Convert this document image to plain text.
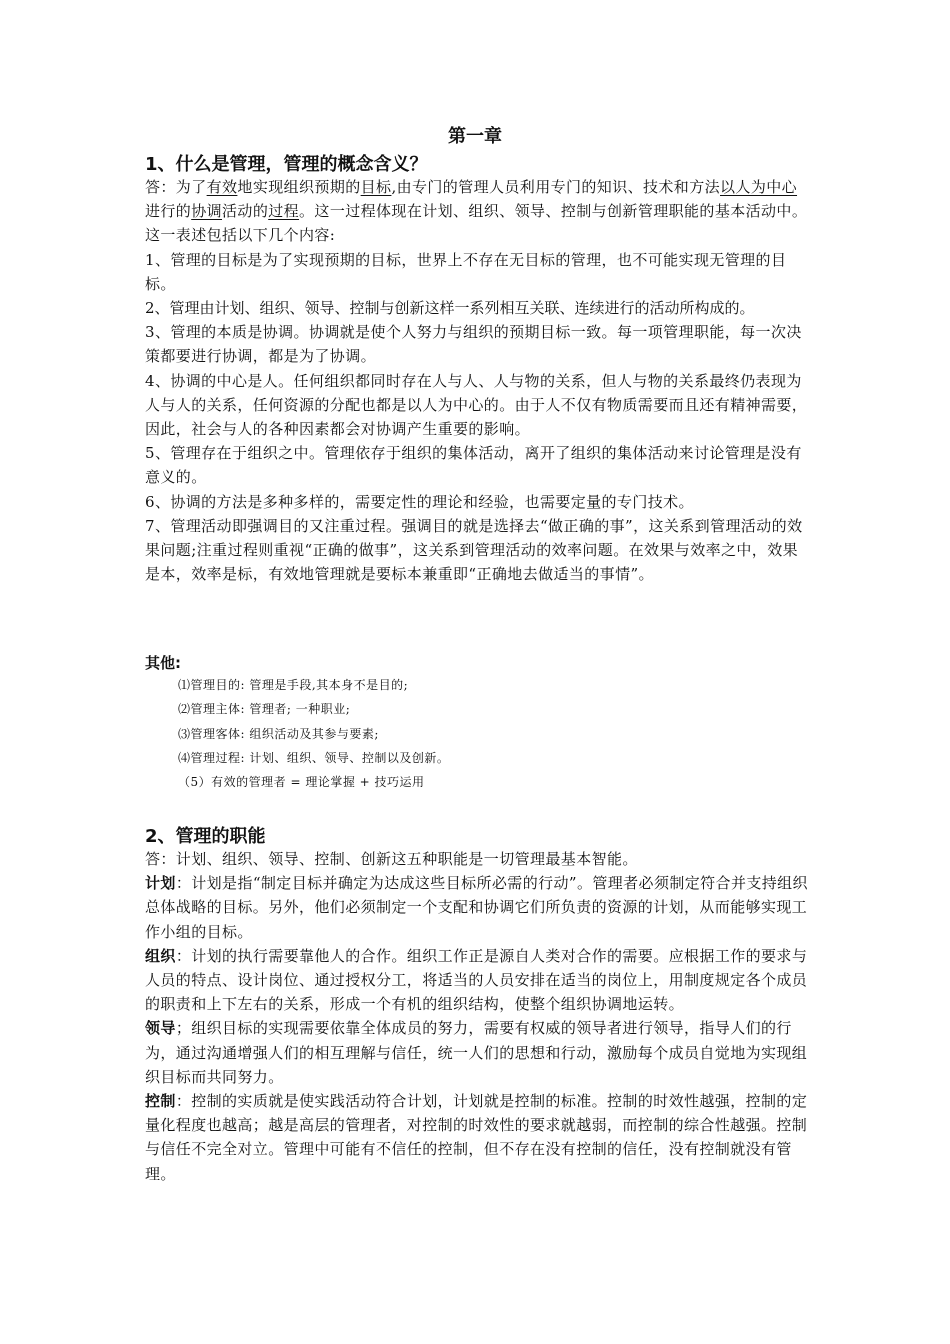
第一章
1、什么是管理，管理的概念含义？

答：为了有效地实现组织预期的目标,由专门的管理人员利用专门的知识、技术和方法以人为中心进行的协调活动的过程。这一过程体现在计划、组织、领导、控制与创新管理职能的基本活动中。

这一表述包括以下几个内容:

1、管理的目标是为了实现预期的目标，世界上不存在无目标的管理，也不可能实现无管理的目标。

2、管理由计划、组织、领导、控制与创新这样一系列相互关联、连续进行的活动所构成的。

3、管理的本质是协调。协调就是使个人努力与组织的预期目标一致。每一项管理职能，每一次决策都要进行协调，都是为了协调。

4、协调的中心是人。任何组织都同时存在人与人、人与物的关系，但人与物的关系最终仍表现为人与人的关系，任何资源的分配也都是以人为中心的。由于人不仅有物质需要而且还有精神需要，因此，社会与人的各种因素都会对协调产生重要的影响。

5、管理存在于组织之中。管理依存于组织的集体活动，离开了组织的集体活动来讨论管理是没有意义的。

6、协调的方法是多种多样的，需要定性的理论和经验，也需要定量的专门技术。

7、管理活动即强调目的又注重过程。强调目的就是选择去“做正确的事”，这关系到管理活动的效果问题;注重过程则重视“正确的做事”，这关系到管理活动的效率问题。在效果与效率之中，效果是本，效率是标，有效地管理就是要标本兼重即“正确地去做适当的事情”。

其他:
⑴管理目的: 管理是手段,其本身不是目的;
⑵管理主体: 管理者; 一种职业;
⑶管理客体: 组织活动及其参与要素;
⑷管理过程: 计划、组织、领导、控制以及创新。
（5）有效的管理者 = 理论掌握 + 技巧运用
2、管理的职能

答：计划、组织、领导、控制、创新这五种职能是一切管理最基本智能。

计划：计划是指“制定目标并确定为达成这些目标所必需的行动”。管理者必须制定符合并支持组织总体战略的目标。另外，他们必须制定一个支配和协调它们所负责的资源的计划，从而能够实现工作小组的目标。

组织：计划的执行需要靠他人的合作。组织工作正是源自人类对合作的需要。应根据工作的要求与人员的特点、设计岗位、通过授权分工，将适当的人员安排在适当的岗位上，用制度规定各个成员的职责和上下左右的关系，形成一个有机的组织结构，使整个组织协调地运转。

领导；组织目标的实现需要依靠全体成员的努力，需要有权威的领导者进行领导，指导人们的行为，通过沟通增强人们的相互理解与信任，统一人们的思想和行动，激励每个成员自觉地为实现组织目标而共同努力。

控制：控制的实质就是使实践活动符合计划，计划就是控制的标准。控制的时效性越强，控制的定量化程度也越高；越是高层的管理者，对控制的时效性的要求就越弱，而控制的综合性越强。控制与信任不完全对立。管理中可能有不信任的控制，但不存在没有控制的信任，没有控制就没有管理。
